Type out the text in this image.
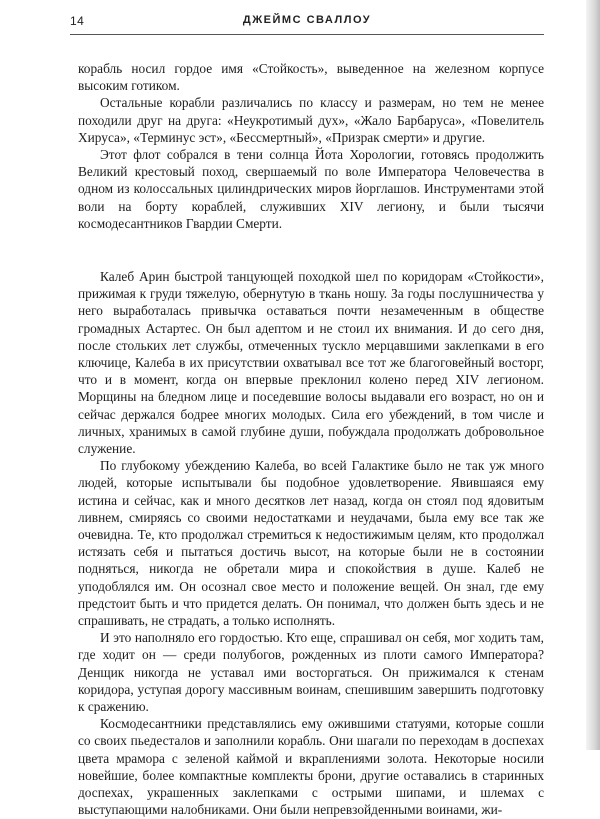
14	ДЖЕЙМС СВАЛЛОУ

корабль носил гордое имя «Стойкость», выведенное на железном корпусе высоким готиком.

Остальные корабли различались по классу и размерам, но тем не менее походили друг на друга: «Неукротимый дух», «Жало Барбаруса», «Повелитель Хируса», «Терминус эст», «Бессмертный», «Призрак смерти» и другие.

Этот флот собрался в тени солнца Йота Хорологии, готовясь продолжить Великий крестовый поход, свершаемый по воле Императора Человечества в одном из колоссальных цилиндрических миров йорглашов. Инструментами этой воли на борту кораблей, служивших XIV легиону, и были тысячи космодесантников Гвардии Смерти.

Калеб Арин быстрой танцующей походкой шел по коридорам «Стойкости», прижимая к груди тяжелую, обернутую в ткань ношу. За годы послушничества у него выработалась привычка оставаться почти незамеченным в обществе громадных Астартес. Он был адептом и не стоил их внимания. И до сего дня, после стольких лет службы, отмеченных тускло мерцавшими заклепками в его ключице, Калеба в их присутствии охватывал все тот же благоговейный восторг, что и в момент, когда он впервые преклонил колено перед XIV легионом. Морщины на бледном лице и поседевшие волосы выдавали его возраст, но он и сейчас держался бодрее многих молодых. Сила его убеждений, в том числе и личных, хранимых в самой глубине души, побуждала продолжать добровольное служение.

По глубокому убеждению Калеба, во всей Галактике было не так уж много людей, которые испытывали бы подобное удовлетворение. Явившаяся ему истина и сейчас, как и много десятков лет назад, когда он стоял под ядовитым ливнем, смиряясь со своими недостатками и неудачами, была ему все так же очевидна. Те, кто продолжал стремиться к недостижимым целям, кто продолжал истязать себя и пытаться достичь высот, на которые были не в состоянии подняться, никогда не обретали мира и спокойствия в душе. Калеб не уподоблялся им. Он осознал свое место и положение вещей. Он знал, где ему предстоит быть и что придется делать. Он понимал, что должен быть здесь и не спрашивать, не страдать, а только исполнять.

И это наполняло его гордостью. Кто еще, спрашивал он себя, мог ходить там, где ходит он — среди полубогов, рожденных из плоти самого Императора? Денщик никогда не уставал ими восторгаться. Он прижимался к стенам коридора, уступая дорогу массивным воинам, спешившим завершить подготовку к сражению.

Космодесантники представлялись ему ожившими статуями, которые сошли со своих пьедесталов и заполнили корабль. Они шагали по переходам в доспехах цвета мрамора с зеленой каймой и вкраплениями золота. Некоторые носили новейшие, более компактные комплекты брони, другие оставались в старинных доспехах, украшенных заклепками с острыми шипами, и шлемах с выступающими налобниками. Они были непревзойденными воинами, жи-
